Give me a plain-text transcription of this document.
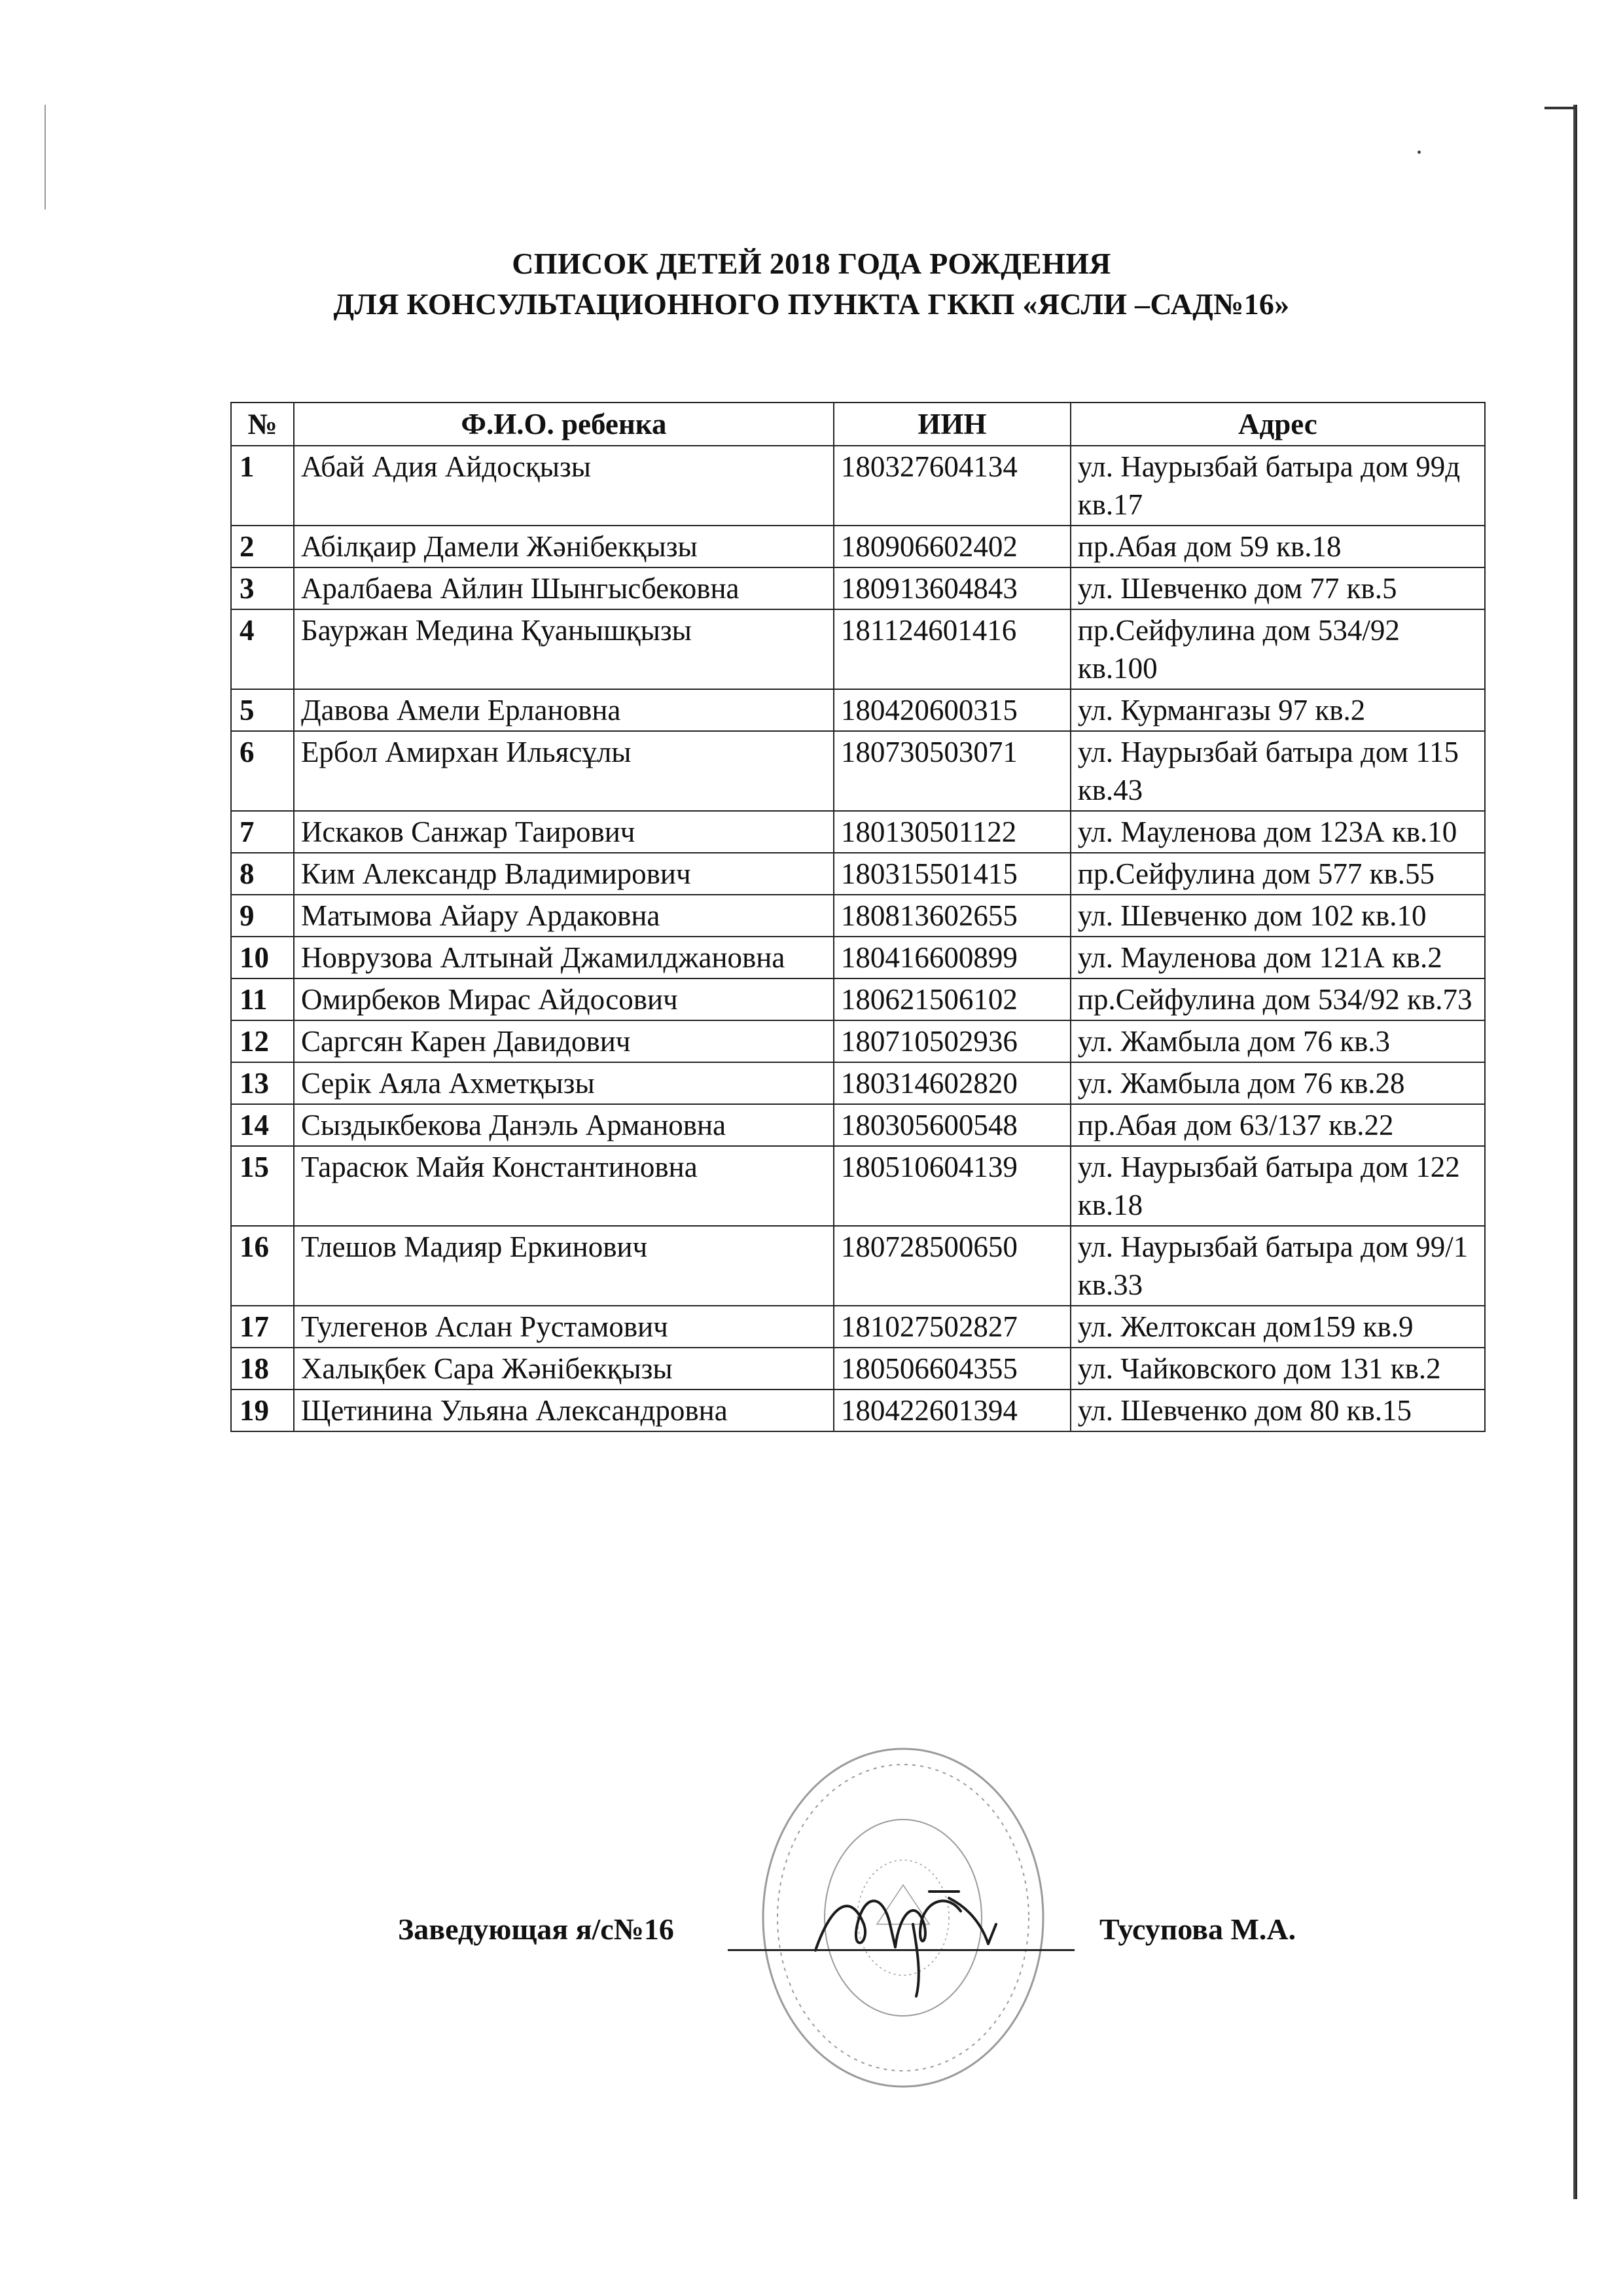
СПИСОК ДЕТЕЙ 2018 ГОДА РОЖДЕНИЯ
ДЛЯ КОНСУЛЬТАЦИОННОГО ПУНКТА ГККП «ЯСЛИ –САД№16»
№	Ф.И.О. ребенка	ИИН	Адрес
1	Абай Адия Айдосқызы	180327604134	ул. Наурызбай батыра дом 99д кв.17
2	Абілқаир Дамели Жәнібекқызы	180906602402	пр.Абая дом 59 кв.18
3	Аралбаева Айлин Шынгысбековна	180913604843	ул. Шевченко дом 77 кв.5
4	Бауржан Медина Қуанышқызы	181124601416	пр.Сейфулина дом 534/92 кв.100
5	Давова Амели Ерлановна	180420600315	ул. Курмангазы 97 кв.2
6	Ербол Амирхан Ильясұлы	180730503071	ул. Наурызбай батыра дом 115 кв.43
7	Искаков Санжар Таирович	180130501122	ул. Мауленова дом 123А кв.10
8	Ким Александр Владимирович	180315501415	пр.Сейфулина дом 577 кв.55
9	Матымова Айару Ардаковна	180813602655	ул. Шевченко дом 102 кв.10
10	Новрузова Алтынай Джамилджановна	180416600899	ул. Мауленова дом 121А кв.2
11	Омирбеков Мирас Айдосович	180621506102	пр.Сейфулина дом 534/92 кв.73
12	Саргсян Карен Давидович	180710502936	ул. Жамбыла дом 76 кв.3
13	Серік Аяла Ахметқызы	180314602820	ул. Жамбыла дом 76 кв.28
14	Сыздыкбекова Данэль Армановна	180305600548	пр.Абая дом 63/137 кв.22
15	Тарасюк Майя Константиновна	180510604139	ул. Наурызбай батыра дом 122 кв.18
16	Тлешов Мадияр Еркинович	180728500650	ул. Наурызбай батыра дом 99/1 кв.33
17	Тулегенов Аслан Рустамович	181027502827	ул. Желтоксан дом159 кв.9
18	Халықбек Сара Жәнібекқызы	180506604355	ул. Чайковского дом 131 кв.2
19	Щетинина Ульяна Александровна	180422601394	ул. Шевченко дом 80 кв.15
Заведующая я/с№16	Тусупова М.А.
